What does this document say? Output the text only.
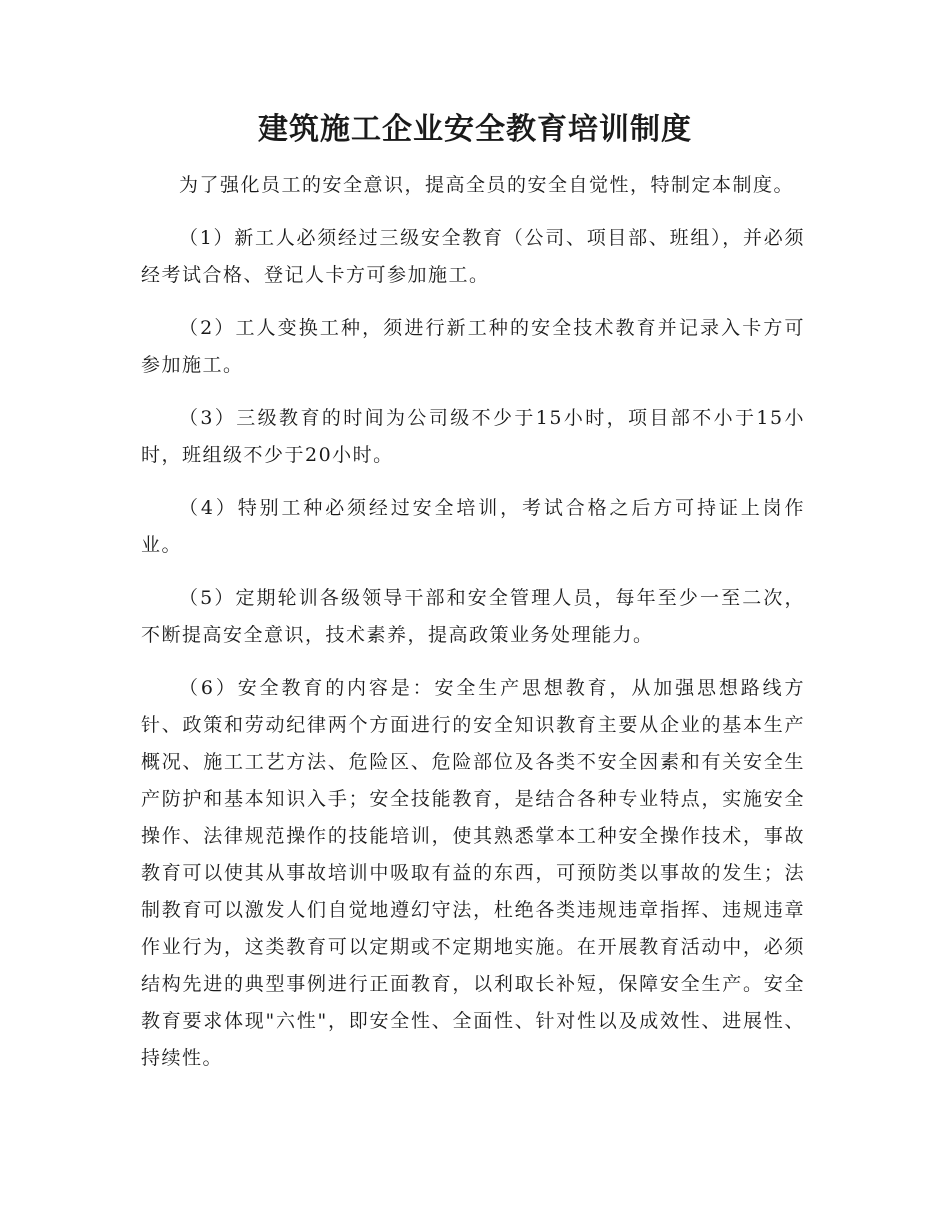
建筑施工企业安全教育培训制度

为了强化员工的安全意识，提高全员的安全自觉性，特制定本制度。

（1）新工人必须经过三级安全教育（公司、项目部、班组），并必须经考试合格、登记人卡方可参加施工。

（2）工人变换工种，须进行新工种的安全技术教育并记录入卡方可参加施工。

（3）三级教育的时间为公司级不少于15小时，项目部不小于15小时，班组级不少于20小时。

（4）特别工种必须经过安全培训，考试合格之后方可持证上岗作业。

（5）定期轮训各级领导干部和安全管理人员，每年至少一至二次，不断提高安全意识，技术素养，提高政策业务处理能力。

（6）安全教育的内容是：安全生产思想教育，从加强思想路线方针、政策和劳动纪律两个方面进行的安全知识教育主要从企业的基本生产概况、施工工艺方法、危险区、危险部位及各类不安全因素和有关安全生产防护和基本知识入手；安全技能教育，是结合各种专业特点，实施安全操作、法律规范操作的技能培训，使其熟悉掌本工种安全操作技术，事故教育可以使其从事故培训中吸取有益的东西，可预防类以事故的发生；法制教育可以激发人们自觉地遵幻守法，杜绝各类违规违章指挥、违规违章作业行为，这类教育可以定期或不定期地实施。在开展教育活动中，必须结构先进的典型事例进行正面教育，以利取长补短，保障安全生产。安全教育要求体现"六性"，即安全性、全面性、针对性以及成效性、进展性、持续性。
